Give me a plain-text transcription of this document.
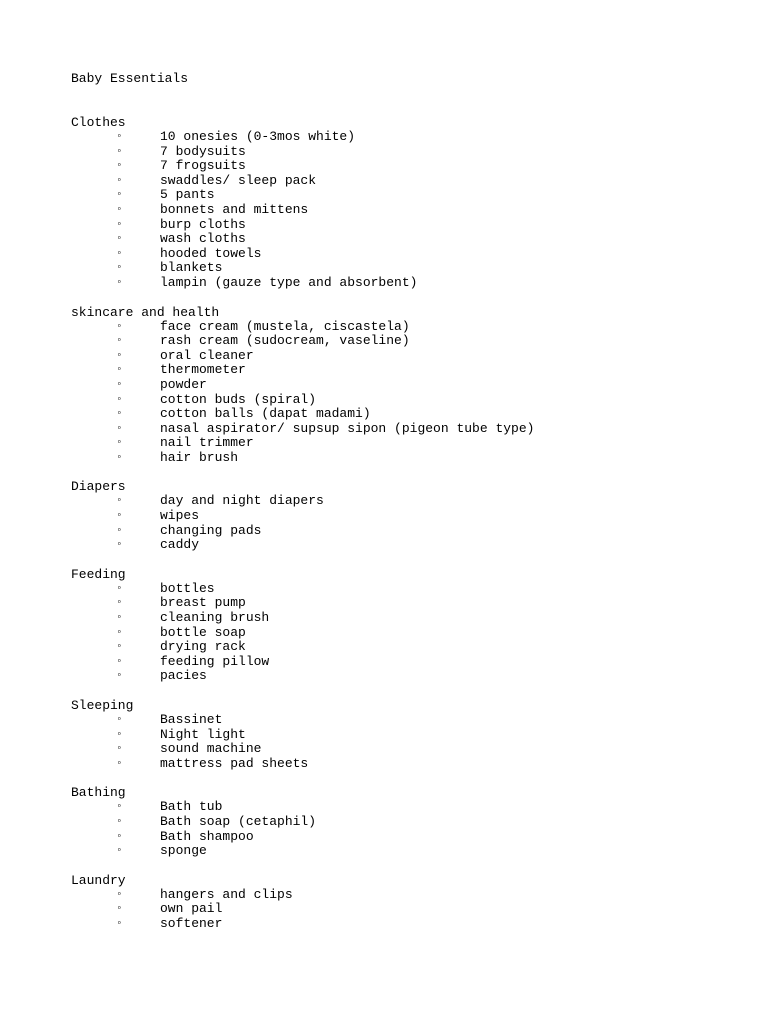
Baby Essentials
Clothes
◦	10 onesies (0-3mos white)
◦	7 bodysuits
◦	7 frogsuits
◦	swaddles/ sleep pack
◦	5 pants
◦	bonnets and mittens
◦	burp cloths
◦	wash cloths
◦	hooded towels
◦	blankets
◦	lampin (gauze type and absorbent)
skincare and health
◦	face cream (mustela, ciscastela)
◦	rash cream (sudocream, vaseline)
◦	oral cleaner
◦	thermometer
◦	powder
◦	cotton buds (spiral)
◦	cotton balls (dapat madami)
◦	nasal aspirator/ supsup sipon (pigeon tube type)
◦	nail trimmer
◦	hair brush
Diapers
◦	day and night diapers
◦	wipes
◦	changing pads
◦	caddy
Feeding
◦	bottles
◦	breast pump
◦	cleaning brush
◦	bottle soap
◦	drying rack
◦	feeding pillow
◦	pacies
Sleeping
◦	Bassinet
◦	Night light
◦	sound machine
◦	mattress pad sheets
Bathing
◦	Bath tub
◦	Bath soap (cetaphil)
◦	Bath shampoo
◦	sponge
Laundry
◦	hangers and clips
◦	own pail
◦	softener
